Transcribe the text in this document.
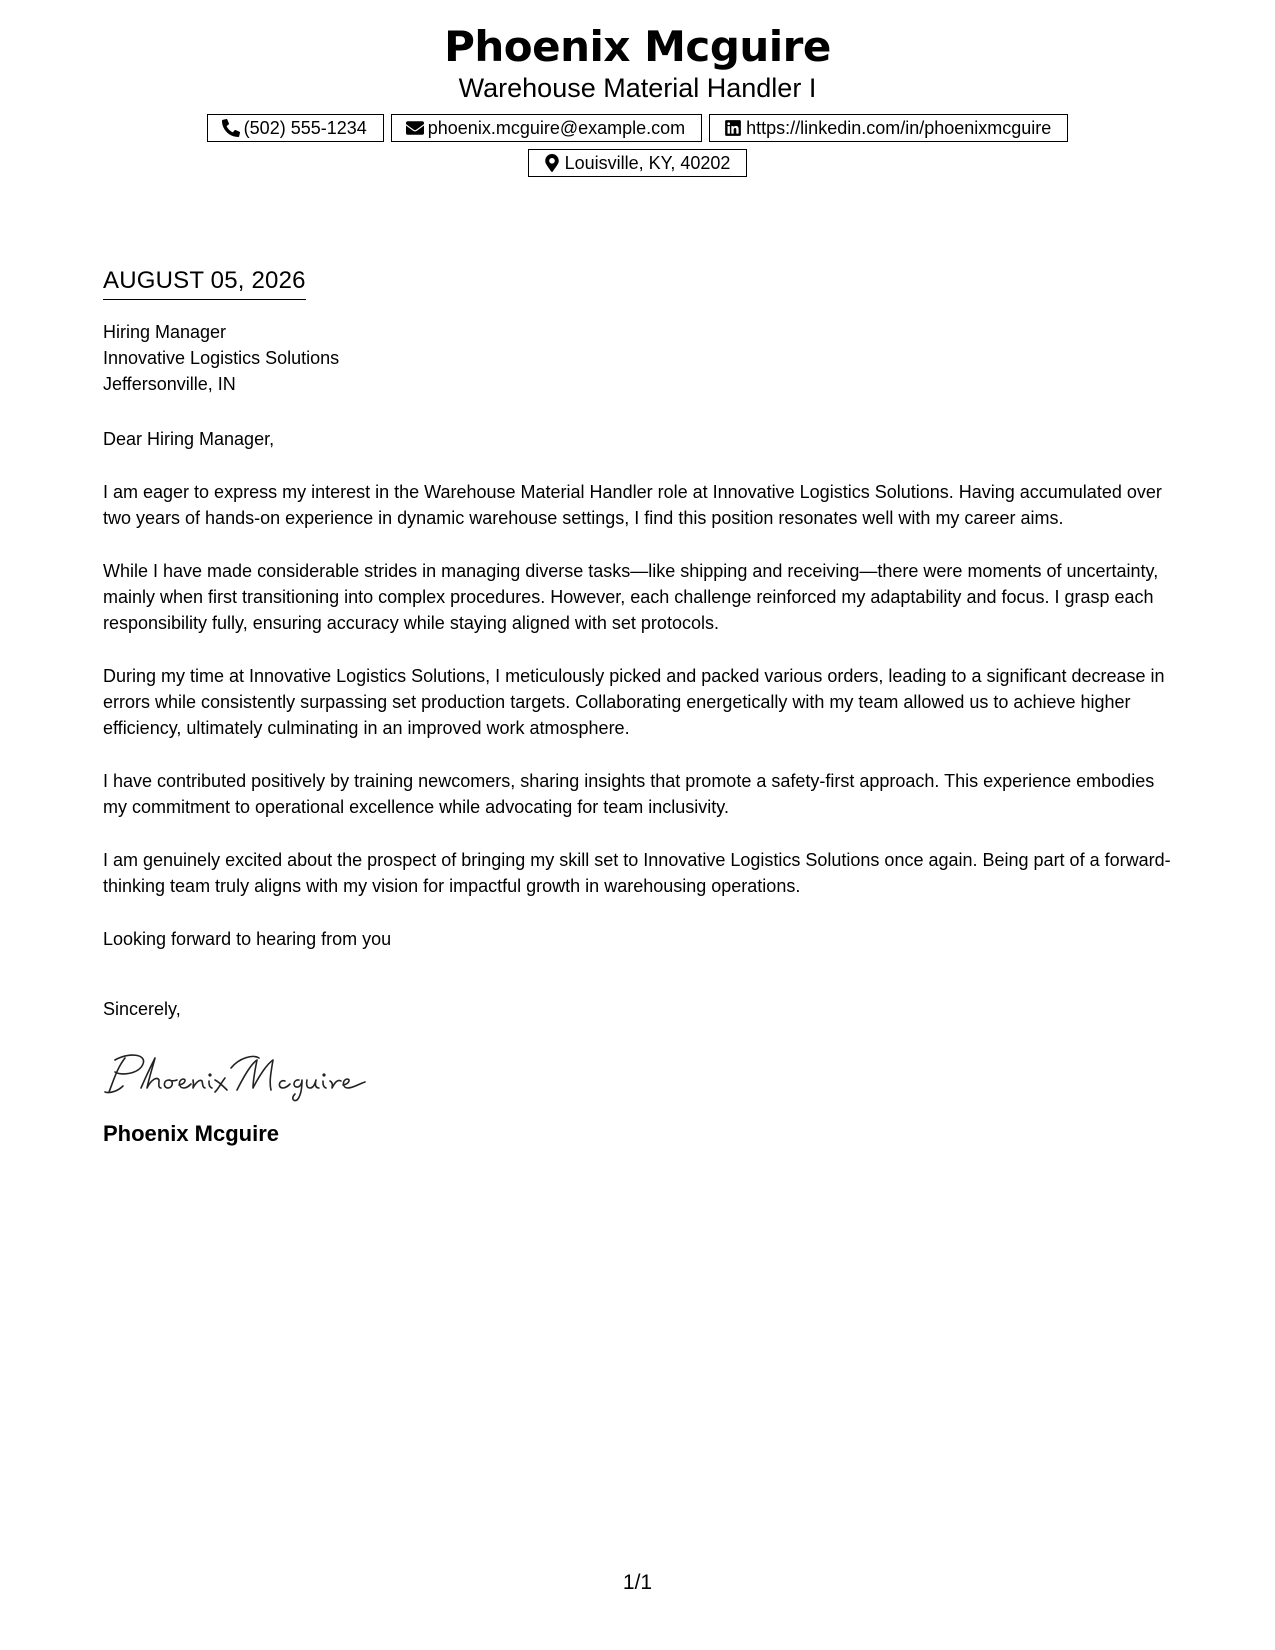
Phoenix Mcguire
Warehouse Material Handler I
(502) 555-1234	phoenix.mcguire@example.com	https://linkedin.com/in/phoenixmcguire
Louisville, KY, 40202
AUGUST 05, 2026
Hiring Manager
Innovative Logistics Solutions
Jeffersonville, IN
Dear Hiring Manager,
I am eager to express my interest in the Warehouse Material Handler role at Innovative Logistics Solutions. Having accumulated over two years of hands-on experience in dynamic warehouse settings, I find this position resonates well with my career aims.
While I have made considerable strides in managing diverse tasks—like shipping and receiving—there were moments of uncertainty, mainly when first transitioning into complex procedures. However, each challenge reinforced my adaptability and focus. I grasp each responsibility fully, ensuring accuracy while staying aligned with set protocols.
During my time at Innovative Logistics Solutions, I meticulously picked and packed various orders, leading to a significant decrease in errors while consistently surpassing set production targets. Collaborating energetically with my team allowed us to achieve higher efficiency, ultimately culminating in an improved work atmosphere.
I have contributed positively by training newcomers, sharing insights that promote a safety-first approach. This experience embodies my commitment to operational excellence while advocating for team inclusivity.
I am genuinely excited about the prospect of bringing my skill set to Innovative Logistics Solutions once again. Being part of a forward-thinking team truly aligns with my vision for impactful growth in warehousing operations.
Looking forward to hearing from you
Sincerely,
Phoenix Mcguire
1/1
